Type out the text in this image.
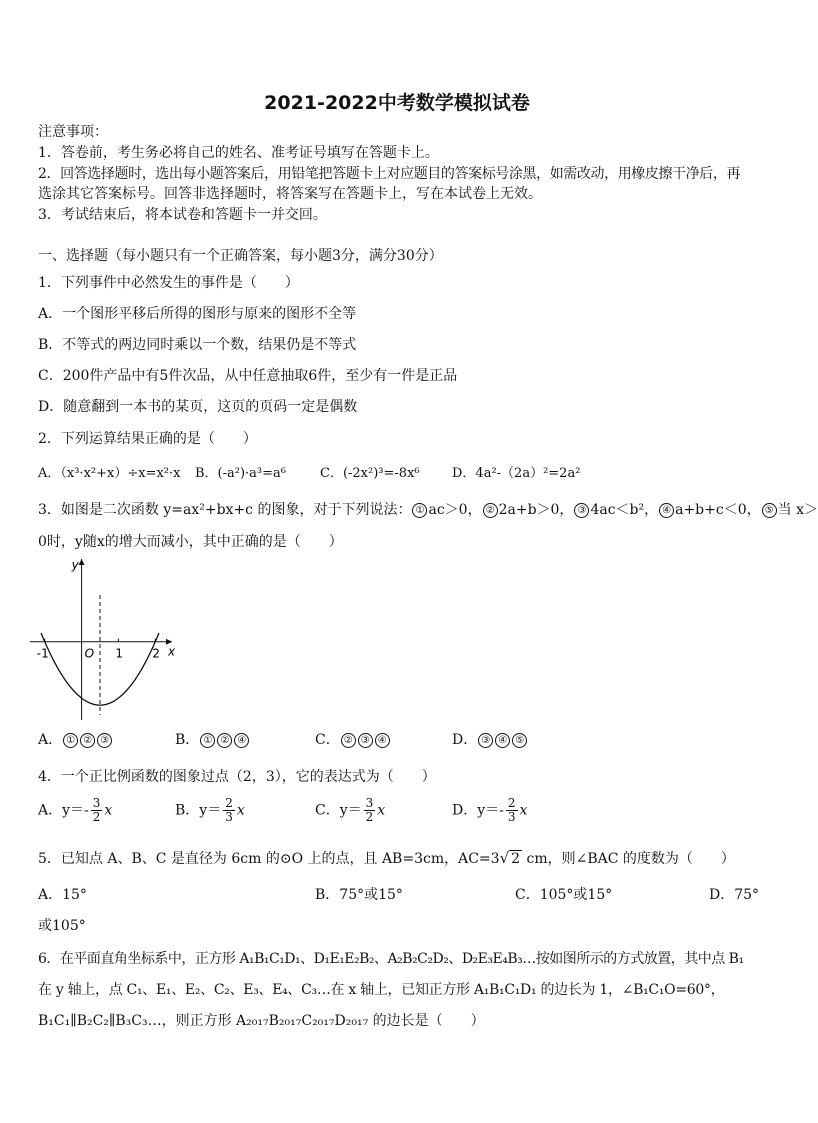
2021-2022中考数学模拟试卷
注意事项：
1．答卷前，考生务必将自己的姓名、准考证号填写在答题卡上。
2．回答选择题时，选出每小题答案后，用铅笔把答题卡上对应题目的答案标号涂黑，如需改动，用橡皮擦干净后，再
选涂其它答案标号。回答非选择题时，将答案写在答题卡上，写在本试卷上无效。
3．考试结束后，将本试卷和答题卡一并交回。
一、选择题（每小题只有一个正确答案，每小题3分，满分30分）
1．下列事件中必然发生的事件是（　　）
A．一个图形平移后所得的图形与原来的图形不全等
B．不等式的两边同时乘以一个数，结果仍是不等式
C．200件产品中有5件次品，从中任意抽取6件，至少有一件是正品
D．随意翻到一本书的某页，这页的页码一定是偶数
2．下列运算结果正确的是（　　）
A．（x³·x²+x）÷x=x²·x B．(-a²)·a³=a⁶	C．(-2x²)³=-8x⁶ D．4a²-（2a）²=2a²
3．如图是二次函数 y=ax²+bx+c 的图象，对于下列说法： ① ac＞0， ② 2a+b＞0， ③ 4ac＜b²， ④ a+b+c＜0， ⑤ 当 x＞
0时，y随x的增大而减小，其中正确的是（　　）
x
y
O
-1	1 2
A． ① ② ③	B． ① ② ④	C． ② ③ ④	D． ③ ④ ⑤
4．一个正比例函数的图象过点（2，3），它的表达式为（　　）
A．$y=- \frac{3}{2}$ x	B．$y= \frac{2}{3}$ x	C．$y= \frac{3}{2}$ x	D．$y=- \frac{2}{3}$ x
5．已知点 A、B、C 是直径为 6cm 的⊙O 上的点，且 AB=3cm，AC=3√ 2 cm，则∠BAC 的度数为（　　）
A．15°	B．75°或15°	C．105°或15°	D．75°
或105°
6．在平面直角坐标系中，正方形 A₁B₁C₁D₁、D₁E₁E₂B₂、A₂B₂C₂D₂、D₂E₃E₄B₃…按如图所示的方式放置，其中点 B₁
在 y 轴上，点 C₁、E₁、E₂、C₂、E₃、E₄、C₃…在 x 轴上，已知正方形 A₁B₁C₁D₁ 的边长为 1，∠B₁C₁O=60°，
B₁C₁∥B₂C₂∥B₃C₃…，则正方形 A₂₀₁₇B₂₀₁₇C₂₀₁₇D₂₀₁₇ 的边长是（　　）
